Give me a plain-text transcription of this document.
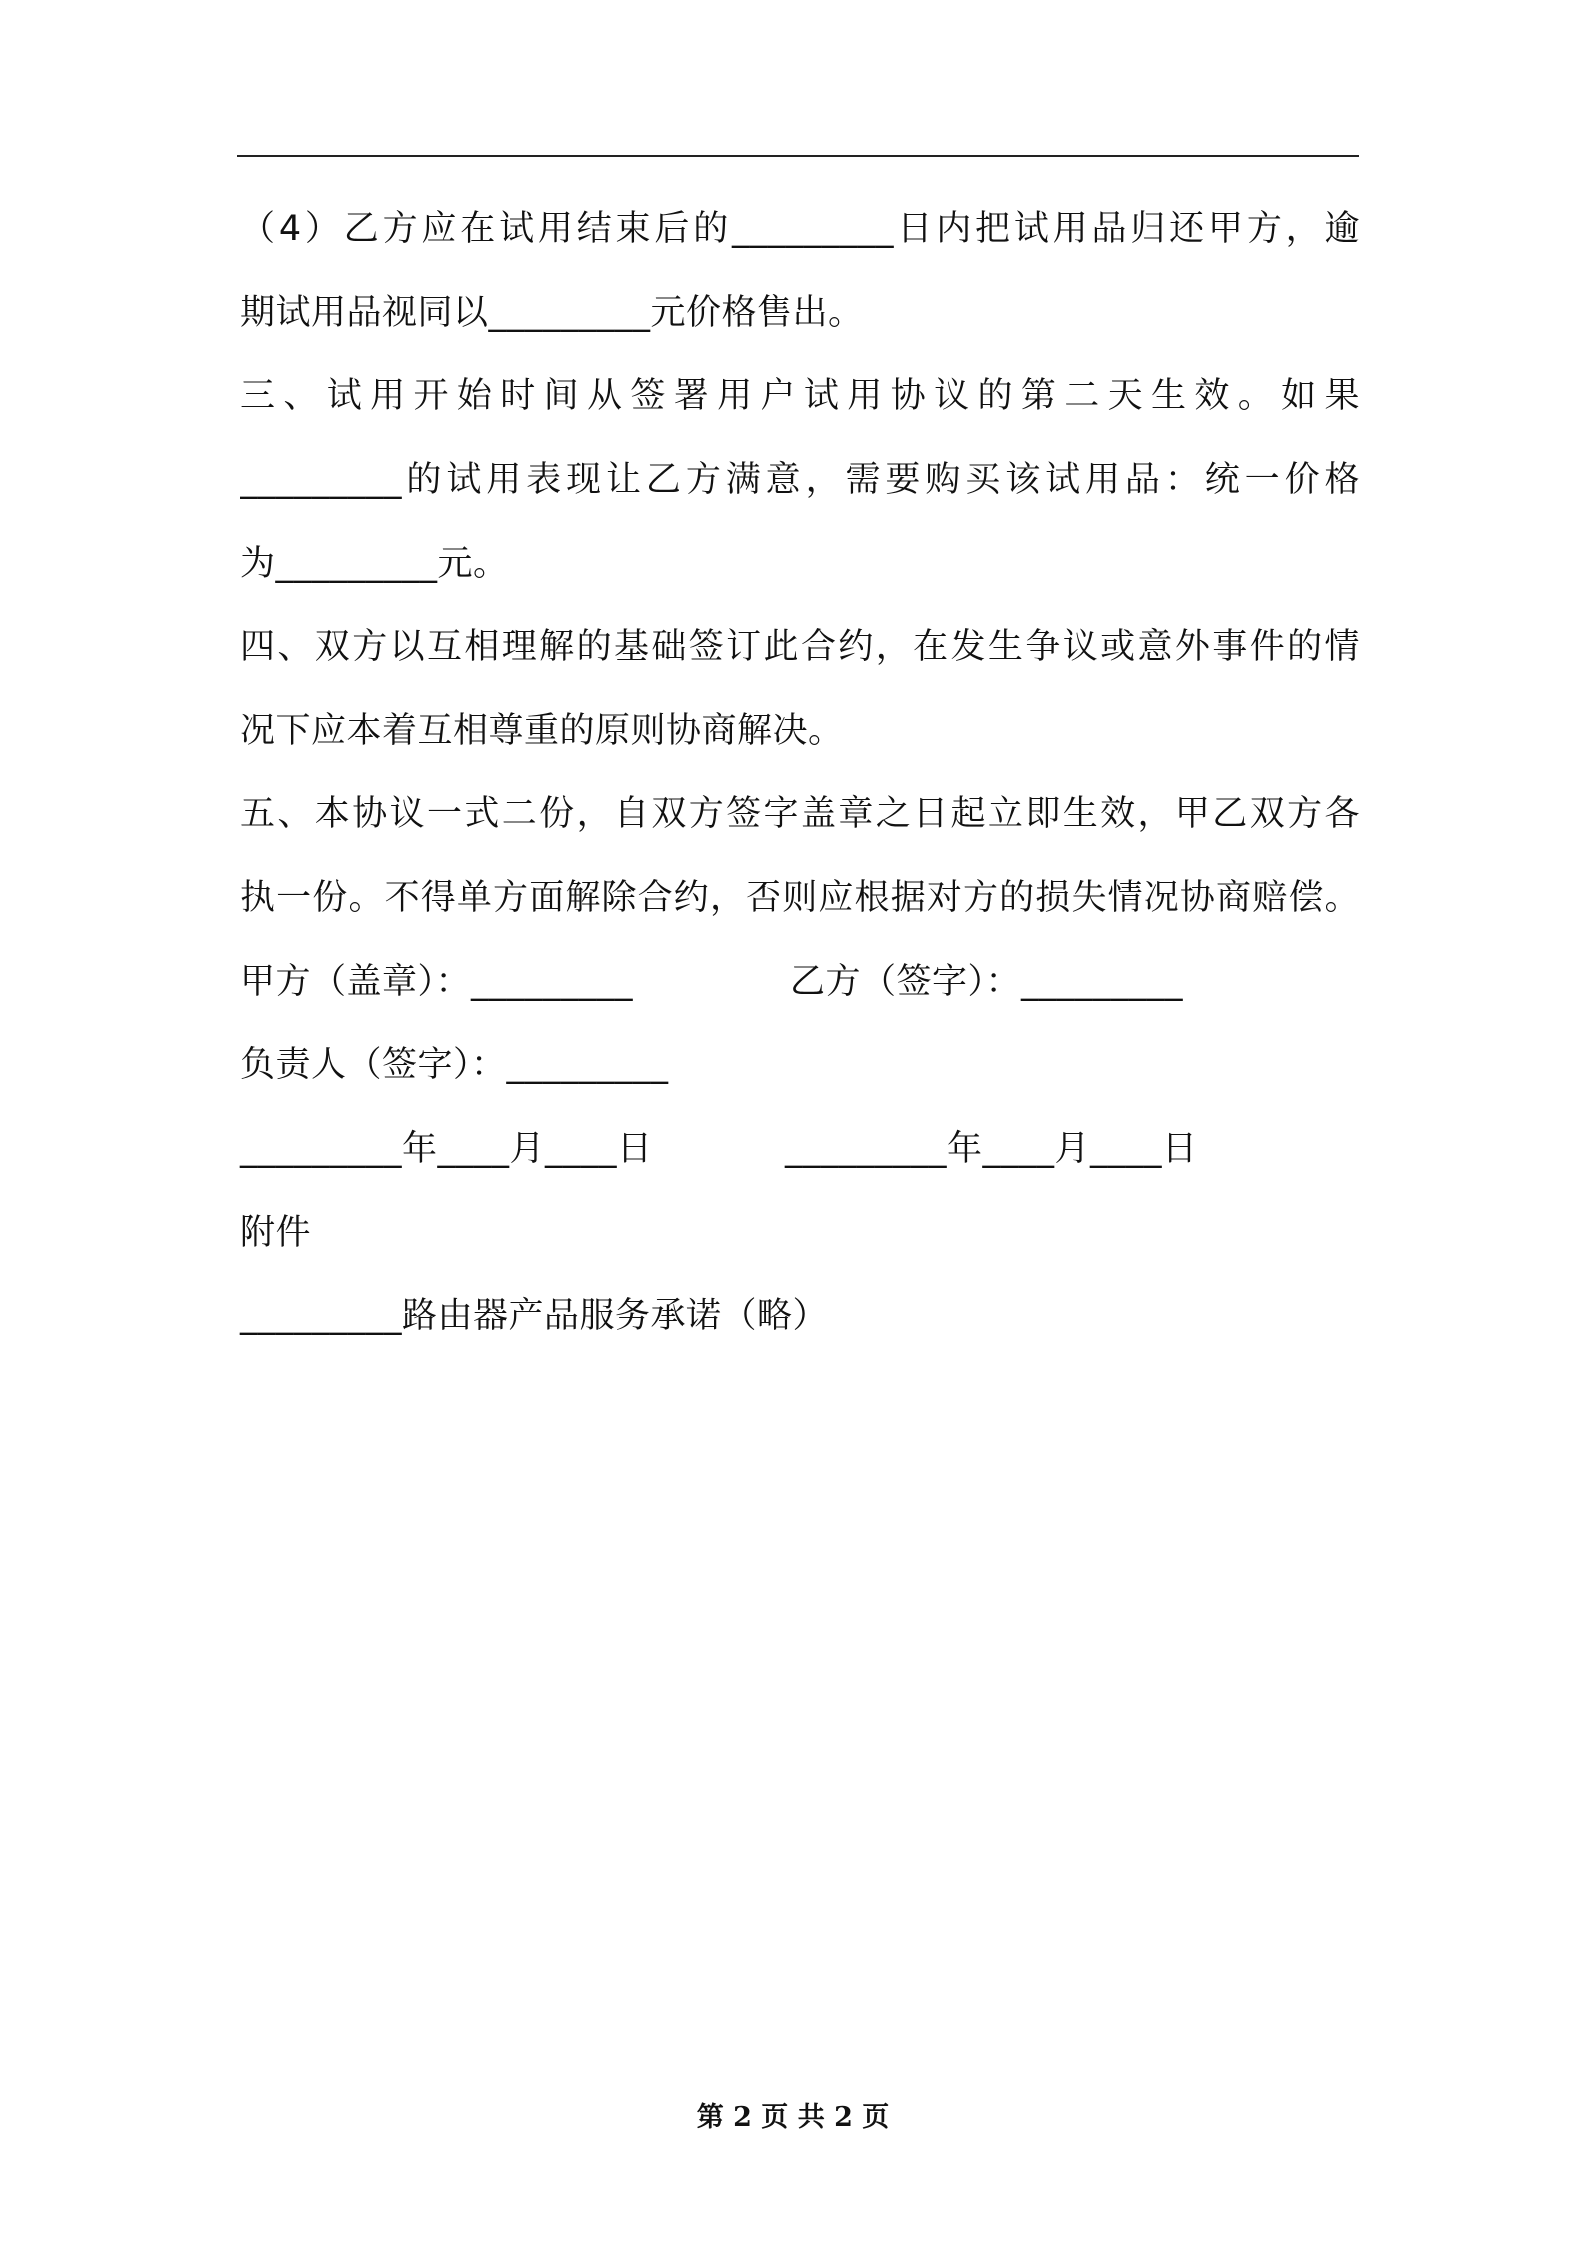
（4）乙方应在试用结束后的_________日内把试用品归还甲方，逾
期试用品视同以_________元价格售出。
三、试用开始时间从签署用户试用协议的第二天生效。如果
_________的试用表现让乙方满意，需要购买该试用品：统一价格
为_________元。
四、双方以互相理解的基础签订此合约，在发生争议或意外事件的情
况下应本着互相尊重的原则协商解决。
五、本协议一式二份，自双方签字盖章之日起立即生效，甲乙双方各
执一份。不得单方面解除合约，否则应根据对方的损失情况协商赔偿。
甲方（盖章）：_________	乙方（签字）：_________
负责人（签字）：_________
_________年____月____日	_________年____月____日
附件
_________路由器产品服务承诺（略）
第 2 页 共 2 页
